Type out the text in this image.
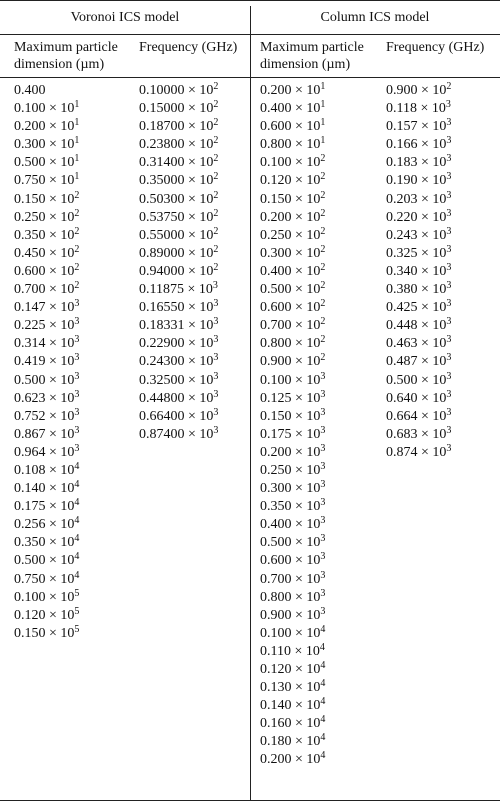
Voronoi ICS model	Column ICS model
Maximum particle
dimension (µm)
Frequency (GHz) Maximum particle
dimension (µm)
Frequency (GHz)
0.400
$0.100 \times 10^1$
$0.200 \times 10^1$
$0.300 \times 10^1$
$0.500 \times 10^1$
$0.750 \times 10^1$
$0.150 \times 10^2$
$0.250 \times 10^2$
$0.350 \times 10^2$
$0.450 \times 10^2$
$0.600 \times 10^2$
$0.700 \times 10^2$
$0.147 \times 10^3$
$0.225 \times 10^3$
$0.314 \times 10^3$
$0.419 \times 10^3$
$0.500 \times 10^3$
$0.623 \times 10^3$
$0.752 \times 10^3$
$0.867 \times 10^3$
$0.964 \times 10^3$
$0.108 \times 10^4$
$0.140 \times 10^4$
$0.175 \times 10^4$
$0.256 \times 10^4$
$0.350 \times 10^4$
$0.500 \times 10^4$
$0.750 \times 10^4$
$0.100 \times 10^5$
$0.120 \times 10^5$
$0.150 \times 10^5$
$0.10000 \times 10^2$
$0.15000 \times 10^2$
$0.18700 \times 10^2$
$0.23800 \times 10^2$
$0.31400 \times 10^2$
$0.35000 \times 10^2$
$0.50300 \times 10^2$
$0.53750 \times 10^2$
$0.55000 \times 10^2$
$0.89000 \times 10^2$
$0.94000 \times 10^2$
$0.11875 \times 10^3$
$0.16550 \times 10^3$
$0.18331 \times 10^3$
$0.22900 \times 10^3$
$0.24300 \times 10^3$
$0.32500 \times 10^3$
$0.44800 \times 10^3$
$0.66400 \times 10^3$
$0.87400 \times 10^3$
$0.200 \times 10^1$
$0.400 \times 10^1$
$0.600 \times 10^1$
$0.800 \times 10^1$
$0.100 \times 10^2$
$0.120 \times 10^2$
$0.150 \times 10^2$
$0.200 \times 10^2$
$0.250 \times 10^2$
$0.300 \times 10^2$
$0.400 \times 10^2$
$0.500 \times 10^2$
$0.600 \times 10^2$
$0.700 \times 10^2$
$0.800 \times 10^2$
$0.900 \times 10^2$
$0.100 \times 10^3$
$0.125 \times 10^3$
$0.150 \times 10^3$
$0.175 \times 10^3$
$0.200 \times 10^3$
$0.250 \times 10^3$
$0.300 \times 10^3$
$0.350 \times 10^3$
$0.400 \times 10^3$
$0.500 \times 10^3$
$0.600 \times 10^3$
$0.700 \times 10^3$
$0.800 \times 10^3$
$0.900 \times 10^3$
$0.100 \times 10^4$
$0.110 \times 10^4$
$0.120 \times 10^4$
$0.130 \times 10^4$
$0.140 \times 10^4$
$0.160 \times 10^4$
$0.180 \times 10^4$
$0.200 \times 10^4$
$0.900 \times 10^2$
$0.118 \times 10^3$
$0.157 \times 10^3$
$0.166 \times 10^3$
$0.183 \times 10^3$
$0.190 \times 10^3$
$0.203 \times 10^3$
$0.220 \times 10^3$
$0.243 \times 10^3$
$0.325 \times 10^3$
$0.340 \times 10^3$
$0.380 \times 10^3$
$0.425 \times 10^3$
$0.448 \times 10^3$
$0.463 \times 10^3$
$0.487 \times 10^3$
$0.500 \times 10^3$
$0.640 \times 10^3$
$0.664 \times 10^3$
$0.683 \times 10^3$
$0.874 \times 10^3$
